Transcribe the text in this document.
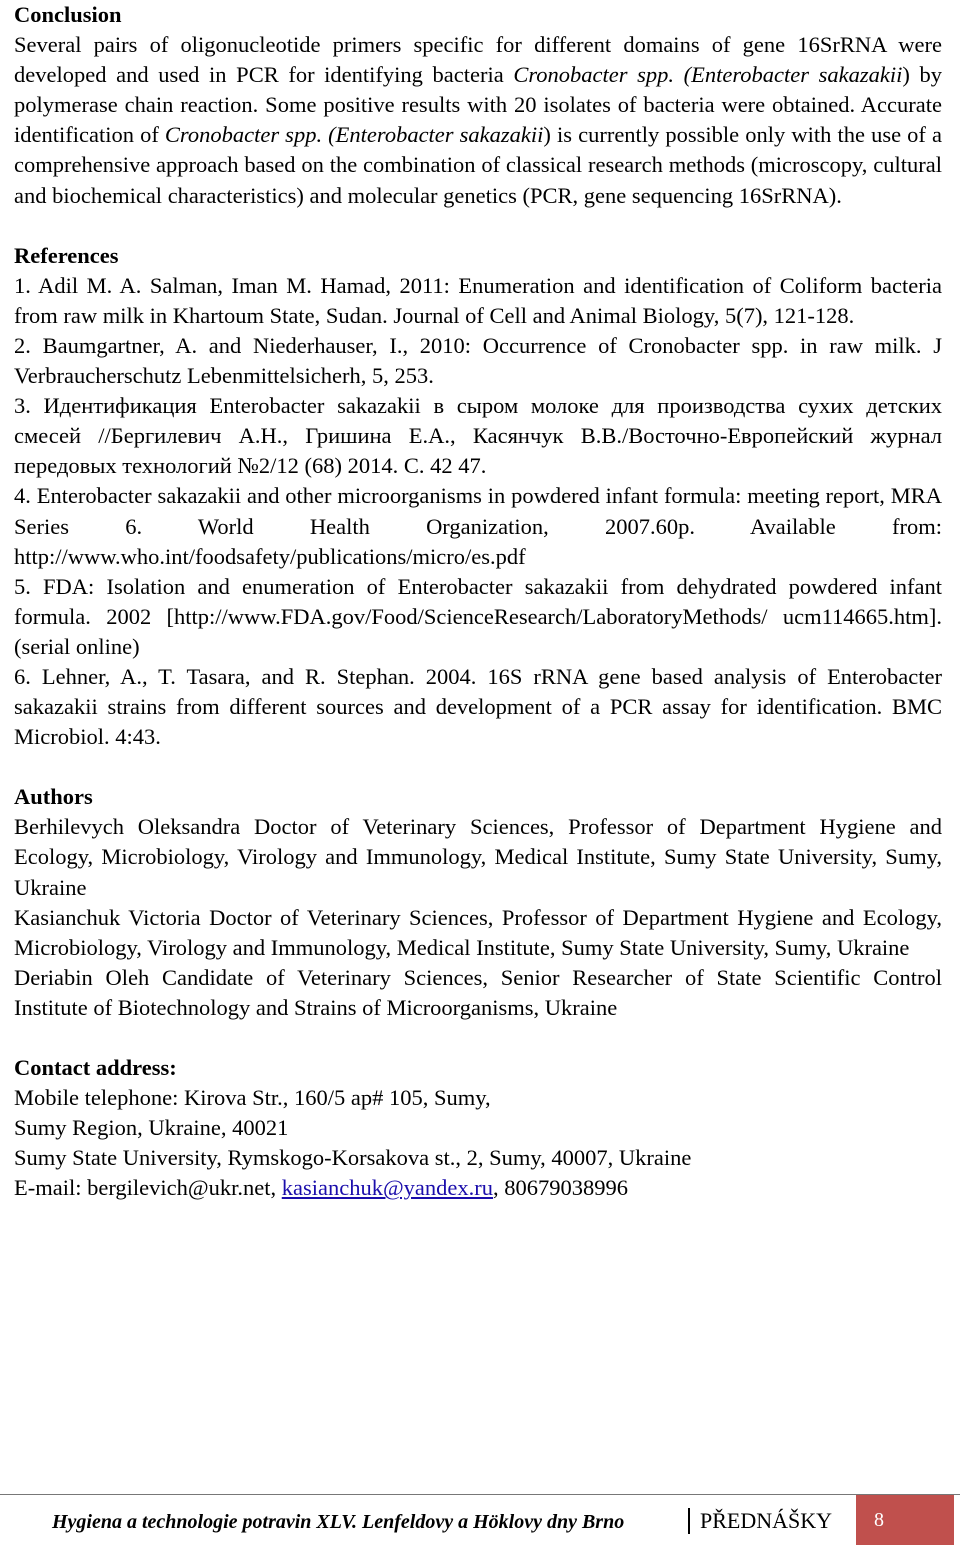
Conclusion

Several pairs of oligonucleotide primers specific for different domains of gene 16SrRNA were developed and used in PCR for identifying bacteria Cronobacter spp. (Enterobacter sakazakii) by polymerase chain reaction. Some positive results with 20 isolates of bacteria were obtained. Accurate identification of Cronobacter spp. (Enterobacter sakazakii) is currently possible only with the use of a comprehensive approach based on the combination of classical research methods (microscopy, cultural and biochemical characteristics) and molecular genetics (PCR, gene sequencing 16SrRNA).

References

1. Adil M. A. Salman, Iman M. Hamad, 2011: Enumeration and identification of Coliform bacteria from raw milk in Khartoum State, Sudan. Journal of Cell and Animal Biology, 5(7), 121-128.

2. Baumgartner, A. and Niederhauser, I., 2010: Occurrence of Cronobacter spp. in raw milk. J Verbraucherschutz Lebenmittelsicherh, 5, 253.

3. Идентификация Enterobacter sakazakii в сыром молоке для производства сухих детских смесей //Бергилевич А.Н., Гришина Е.А., Касянчук В.В./Восточно-Европейский журнал передовых технологий №2/12 (68) 2014. С. 42 47.

4. Enterobacter sakazakii and other microorganisms in powdered infant formula: meeting report, MRA Series 6. World Health Organization, 2007.60p. Available from: http://www.who.int/foodsafety/publications/micro/es.pdf

5. FDA: Isolation and enumeration of Enterobacter sakazakii from dehydrated powdered infant formula. 2002 [http://www.FDA.gov/Food/ScienceResearch/LaboratoryMethods/ ucm114665.htm]. (serial online)

6. Lehner, A., T. Tasara, and R. Stephan. 2004. 16S rRNA gene based analysis of Enterobacter sakazakii strains from different sources and development of a PCR assay for identification. BMC Microbiol. 4:43.

Authors

Berhilevych Oleksandra Doctor of Veterinary Sciences, Professor of Department Hygiene and Ecology, Microbiology, Virology and Immunology, Medical Institute, Sumy State University, Sumy, Ukraine

Kasianchuk Victoria Doctor of Veterinary Sciences, Professor of Department Hygiene and Ecology, Microbiology, Virology and Immunology, Medical Institute, Sumy State University, Sumy, Ukraine

Deriabin Oleh Candidate of Veterinary Sciences, Senior Researcher of State Scientific Control Institute of Biotechnology and Strains of Microorganisms, Ukraine

Contact address:

Mobile telephone: Kirova Str., 160/5 ap# 105, Sumy,

Sumy Region, Ukraine, 40021

Sumy State University, Rymskogo-Korsakova st., 2, Sumy, 40007, Ukraine

E-mail: bergilevich@ukr.net, kasianchuk@yandex.ru, 80679038996

Hygiena a technologie potravin XLV. Lenfeldovy a Höklovy dny Brno	PŘEDNÁŠKY	8
